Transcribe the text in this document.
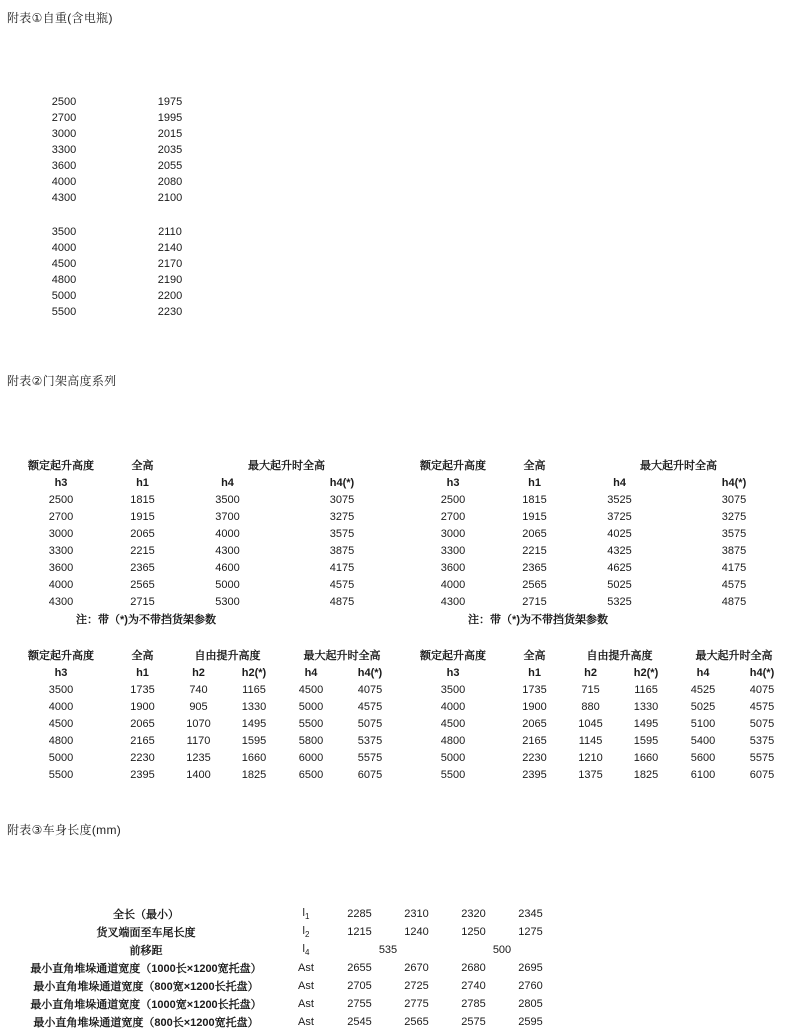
附表①自重(含电瓶)
门架高度（mm）	整车重量（kg）
两级	
2500	1975
2700	1995
3000	2015
3300	2035
3600	2055
4000	2080
4300	2100
三级	
3500	2110
4000	2140
4500	2170
4800	2190
5000	2200
5500	2230
附表②门架高度系列
非侧移						侧移					
两级门架标准起升高度系列						两级门架标准起升高度系列					
额定起升高度	全高	最大起升时全高				额定起升高度	全高	最大起升时全高			
h3	h1	h4		h4(*)		h3	h1	h4		h4(*)	
2500	1815	3500		3075		2500	1815	3525		3075	
2700	1915	3700		3275		2700	1915	3725		3275	
3000	2065	4000		3575		3000	2065	4025		3575	
3300	2215	4300		3875		3300	2215	4325		3875	
3600	2365	4600		4175		3600	2365	4625		4175	
4000	2565	5000		4575		4000	2565	5025		4575	
4300	2715	5300		4875		4300	2715	5325		4875	
注：带（*)为不带挡货架参数						注：带（*)为不带挡货架参数					
三级门架标准起升高度系列						三级门架标准起升高度系列					
额定起升高度	全高	自由提升高度		最大起升时全高		额定起升高度	全高	自由提升高度		最大起升时全高	
h3	h1	h2	h2(*)	h4	h4(*)	h3	h1	h2	h2(*)	h4	h4(*)
3500	1735	740	1165	4500	4075	3500	1735	715	1165	4525	4075
4000	1900	905	1330	5000	4575	4000	1900	880	1330	5025	4575
4500	2065	1070	1495	5500	5075	4500	2065	1045	1495	5100	5075
4800	2165	1170	1595	5800	5375	4800	2165	1145	1595	5400	5375
5000	2230	1235	1660	6000	5575	5000	2230	1210	1660	5600	5575
5500	2395	1400	1825	6500	6075	5500	2395	1375	1825	6100	6075
附表③车身长度(mm)
		非侧移		侧移	
门架级数		两级	三级	两级	三级
全长（最小）	$l_1$	2285	2310	2320	2345
货叉端面至车尾长度	$l_2$	1215	1240	1250	1275
前移距	$l_4$	535		500	
最小直角堆垛通道宽度（1000长×1200宽托盘）	Ast	2655	2670	2680	2695
最小直角堆垛通道宽度（800宽×1200长托盘）	Ast	2705	2725	2740	2760
最小直角堆垛通道宽度（1000宽×1200长托盘）	Ast	2755	2775	2785	2805
最小直角堆垛通道宽度（800长×1200宽托盘）	Ast	2545	2565	2575	2595
